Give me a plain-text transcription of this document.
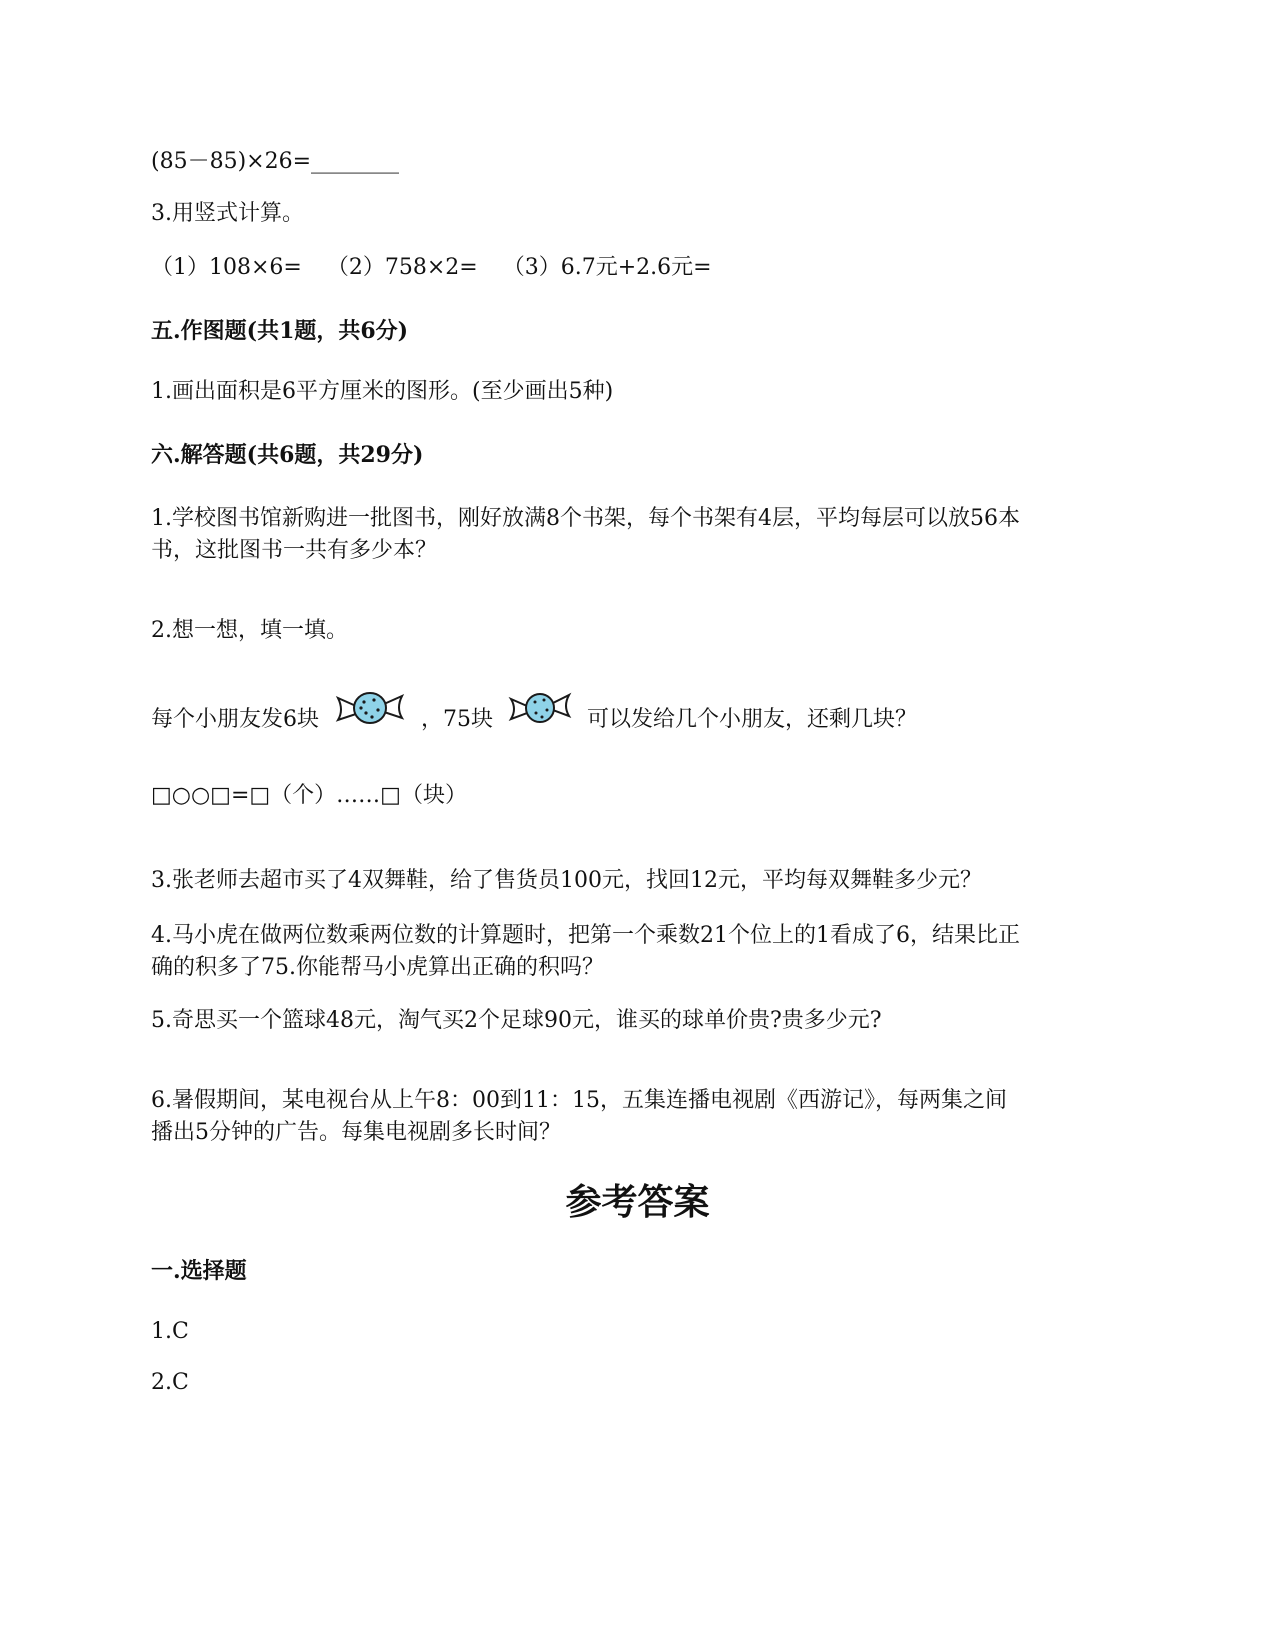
(85－85)×26=________
3.用竖式计算。
（1）108×6= （2）758×2= （3）6.7元+2.6元=
五.作图题(共1题，共6分)
1.画出面积是6平方厘米的图形。(至少画出5种)
六.解答题(共6题，共29分)
1.学校图书馆新购进一批图书，刚好放满8个书架，每个书架有4层，平均每层可以放56本
书，这批图书一共有多少本？
2.想一想，填一填。
每个小朋友发6块	，75块	可以发给几个小朋友，还剩几块？
□○○□=□（个）……□（块）
3.张老师去超市买了4双舞鞋，给了售货员100元，找回12元，平均每双舞鞋多少元？
4.马小虎在做两位数乘两位数的计算题时，把第一个乘数21个位上的1看成了6，结果比正
确的积多了75.你能帮马小虎算出正确的积吗？
5.奇思买一个篮球48元，淘气买2个足球90元，谁买的球单价贵?贵多少元?
6.暑假期间，某电视台从上午8：00到11：15，五集连播电视剧《西游记》，每两集之间
播出5分钟的广告。每集电视剧多长时间？
参考答案
一.选择题
1.C
2.C
